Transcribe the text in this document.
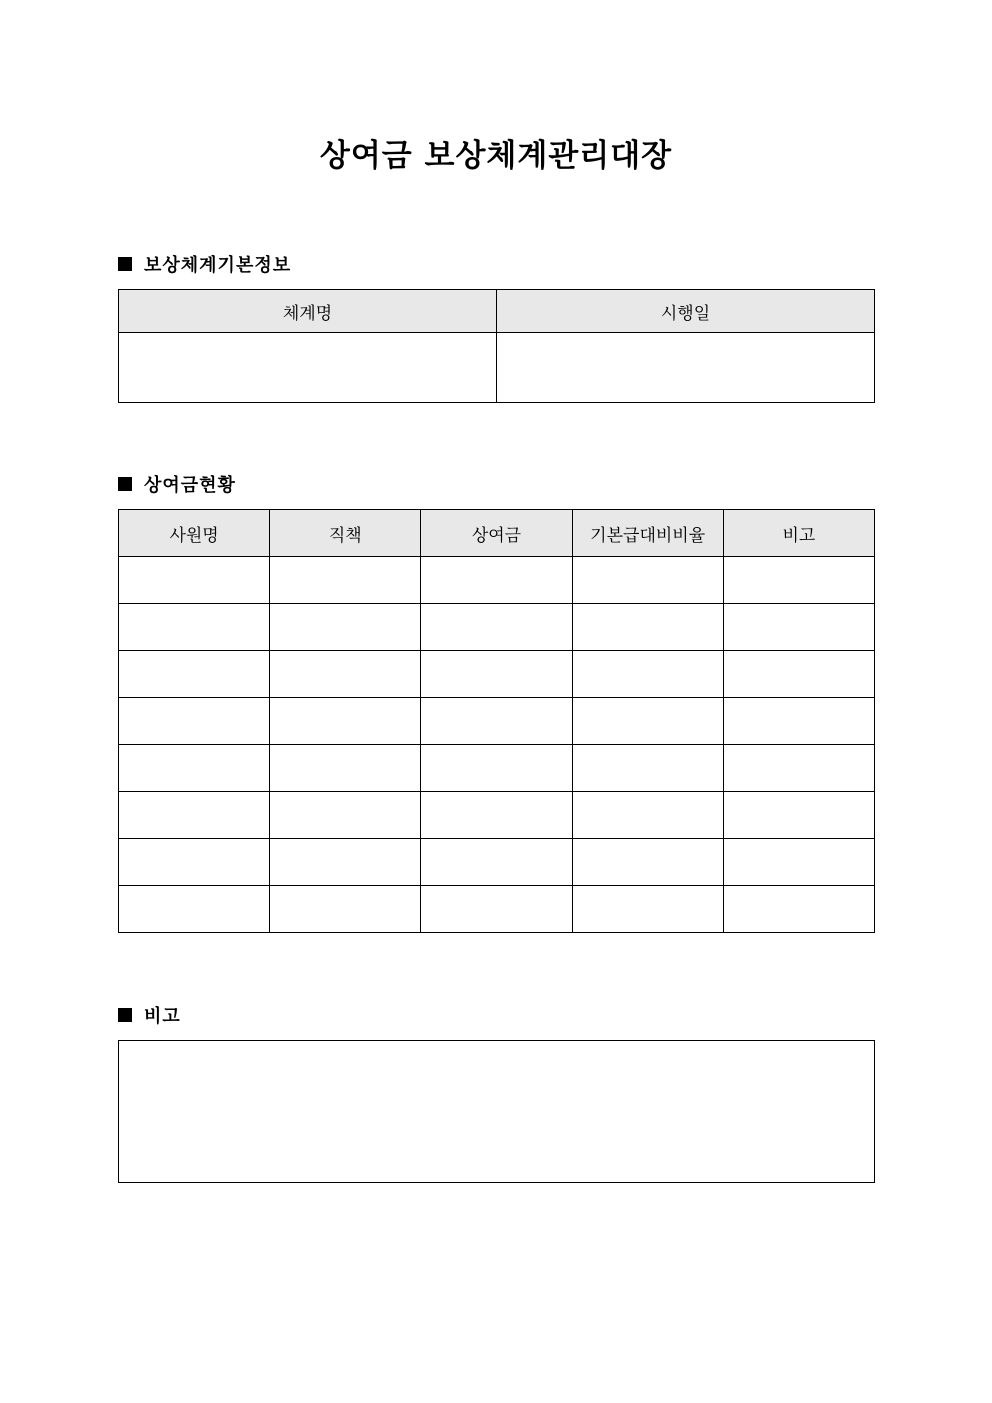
상여금 보상체계관리대장
보상체계기본정보
체계명	시행일

상여금현황
사원명	직책	상여금	기본급대비비율	비고

비고
